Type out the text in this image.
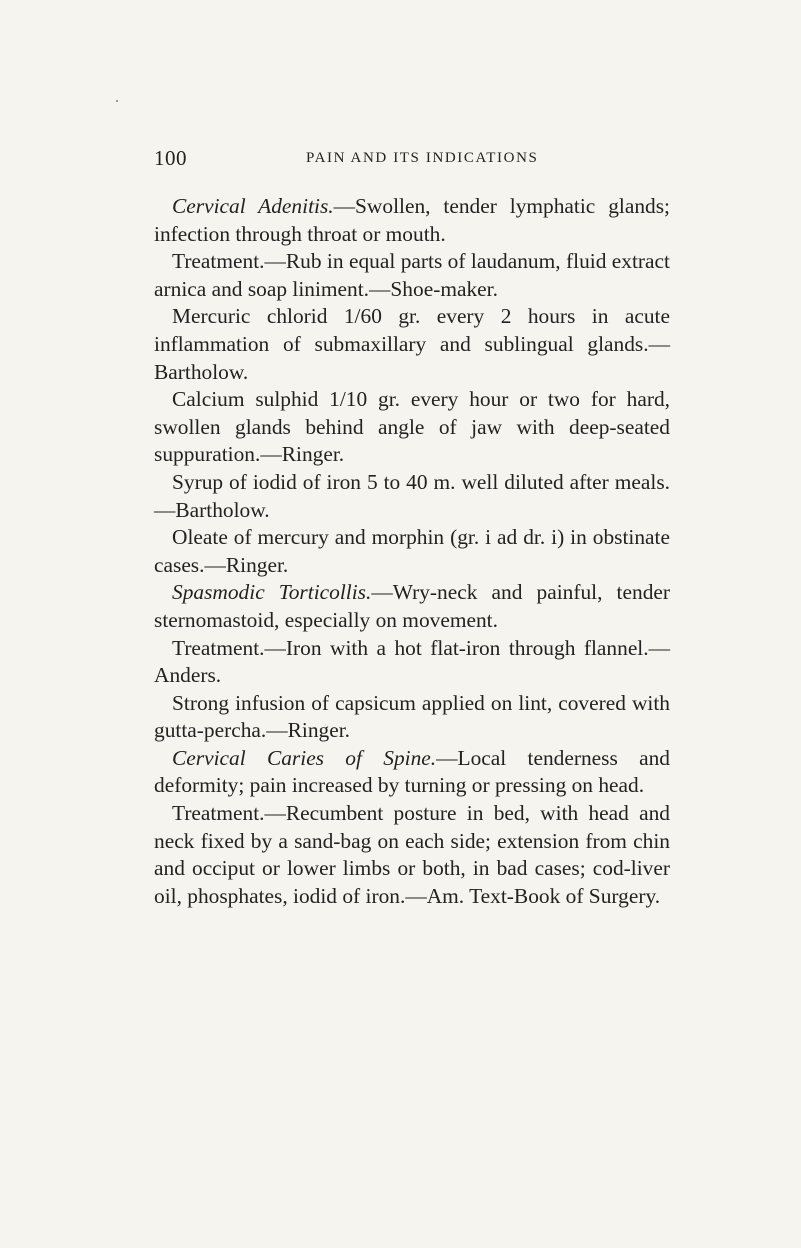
100	PAIN AND ITS INDICATIONS

Cervical Adenitis.—Swollen, tender lymphatic glands; infection through throat or mouth.

Treatment.—Rub in equal parts of laudanum, fluid extract arnica and soap liniment.—Shoe-maker.

Mercuric chlorid 1/60 gr. every 2 hours in acute inflammation of submaxillary and sublingual glands.—Bartholow.

Calcium sulphid 1/10 gr. every hour or two for hard, swollen glands behind angle of jaw with deep-seated suppuration.—Ringer.

Syrup of iodid of iron 5 to 40 m. well diluted after meals.—Bartholow.

Oleate of mercury and morphin (gr. i ad dr. i) in obstinate cases.—Ringer.

Spasmodic Torticollis.—Wry-neck and painful, tender sternomastoid, especially on movement.

Treatment.—Iron with a hot flat-iron through flannel.—Anders.

Strong infusion of capsicum applied on lint, covered with gutta-percha.—Ringer.

Cervical Caries of Spine.—Local tenderness and deformity; pain increased by turning or pressing on head.

Treatment.—Recumbent posture in bed, with head and neck fixed by a sand-bag on each side; extension from chin and occiput or lower limbs or both, in bad cases; cod-liver oil, phosphates, iodid of iron.—Am. Text-Book of Surgery.
